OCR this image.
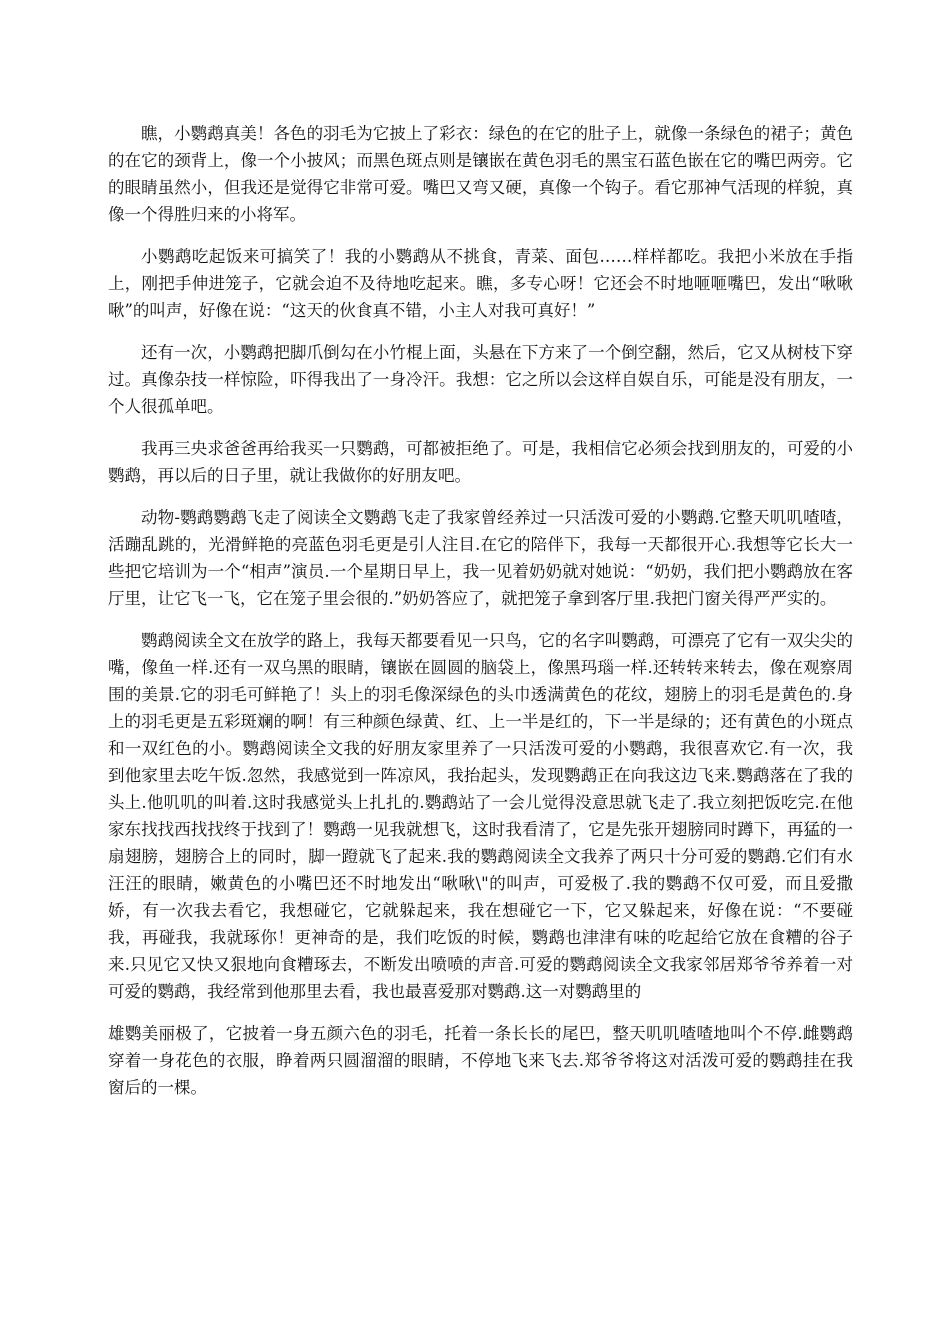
瞧，小鹦鹉真美！各色的羽毛为它披上了彩衣：绿色的在它的肚子上，就像一条绿色的裙子；黄色的在它的颈背上，像一个小披风；而黑色斑点则是镶嵌在黄色羽毛的黑宝石蓝色嵌在它的嘴巴两旁。它的眼睛虽然小，但我还是觉得它非常可爱。嘴巴又弯又硬，真像一个钩子。看它那神气活现的样貌，真像一个得胜归来的小将军。

小鹦鹉吃起饭来可搞笑了！我的小鹦鹉从不挑食，青菜、面包……样样都吃。我把小米放在手指上，刚把手伸进笼子，它就会迫不及待地吃起来。瞧，多专心呀！它还会不时地咂咂嘴巴，发出“啾啾啾”的叫声，好像在说：“这天的伙食真不错，小主人对我可真好！”

还有一次，小鹦鹉把脚爪倒勾在小竹棍上面，头悬在下方来了一个倒空翻，然后，它又从树枝下穿过。真像杂技一样惊险，吓得我出了一身冷汗。我想：它之所以会这样自娱自乐，可能是没有朋友，一个人很孤单吧。

我再三央求爸爸再给我买一只鹦鹉，可都被拒绝了。可是，我相信它必须会找到朋友的，可爱的小鹦鹉，再以后的日子里，就让我做你的好朋友吧。

动物-鹦鹉鹦鹉飞走了阅读全文鹦鹉飞走了我家曾经养过一只活泼可爱的小鹦鹉.它整天叽叽喳喳，活蹦乱跳的，光滑鲜艳的亮蓝色羽毛更是引人注目.在它的陪伴下，我每一天都很开心.我想等它长大一些把它培训为一个“相声”演员.一个星期日早上，我一见着奶奶就对她说：“奶奶，我们把小鹦鹉放在客厅里，让它飞一飞，它在笼子里会很的.”奶奶答应了，就把笼子拿到客厅里.我把门窗关得严严实的。

鹦鹉阅读全文在放学的路上，我每天都要看见一只鸟，它的名字叫鹦鹉，可漂亮了它有一双尖尖的嘴，像鱼一样.还有一双乌黑的眼睛，镶嵌在圆圆的脑袋上，像黑玛瑙一样.还转转来转去，像在观察周围的美景.它的羽毛可鲜艳了！头上的羽毛像深绿色的头巾透满黄色的花纹，翅膀上的羽毛是黄色的.身上的羽毛更是五彩斑斓的啊！有三种颜色绿黄、红、上一半是红的，下一半是绿的；还有黄色的小斑点和一双红色的小。鹦鹉阅读全文我的好朋友家里养了一只活泼可爱的小鹦鹉，我很喜欢它.有一次，我到他家里去吃午饭.忽然，我感觉到一阵凉风，我抬起头，发现鹦鹉正在向我这边飞来.鹦鹉落在了我的头上.他叽叽的叫着.这时我感觉头上扎扎的.鹦鹉站了一会儿觉得没意思就飞走了.我立刻把饭吃完.在他家东找找西找找终于找到了！鹦鹉一见我就想飞，这时我看清了，它是先张开翅膀同时蹲下，再猛的一扇翅膀，翅膀合上的同时，脚一蹬就飞了起来.我的鹦鹉阅读全文我养了两只十分可爱的鹦鹉.它们有水汪汪的眼睛，嫩黄色的小嘴巴还不时地发出“啾啾\"的叫声，可爱极了.我的鹦鹉不仅可爱，而且爱撒娇，有一次我去看它，我想碰它，它就躲起来，我在想碰它一下，它又躲起来，好像在说：“不要碰我，再碰我，我就琢你！更神奇的是，我们吃饭的时候，鹦鹉也津津有味的吃起给它放在食糟的谷子来.只见它又快又狠地向食糟琢去，不断发出喷喷的声音.可爱的鹦鹉阅读全文我家邻居郑爷爷养着一对可爱的鹦鹉，我经常到他那里去看，我也最喜爱那对鹦鹉.这一对鹦鹉里的

雄鹦美丽极了，它披着一身五颜六色的羽毛，托着一条长长的尾巴，整天叽叽喳喳地叫个不停.雌鹦鹉穿着一身花色的衣服，睁着两只圆溜溜的眼睛，不停地飞来飞去.郑爷爷将这对活泼可爱的鹦鹉挂在我窗后的一棵。
